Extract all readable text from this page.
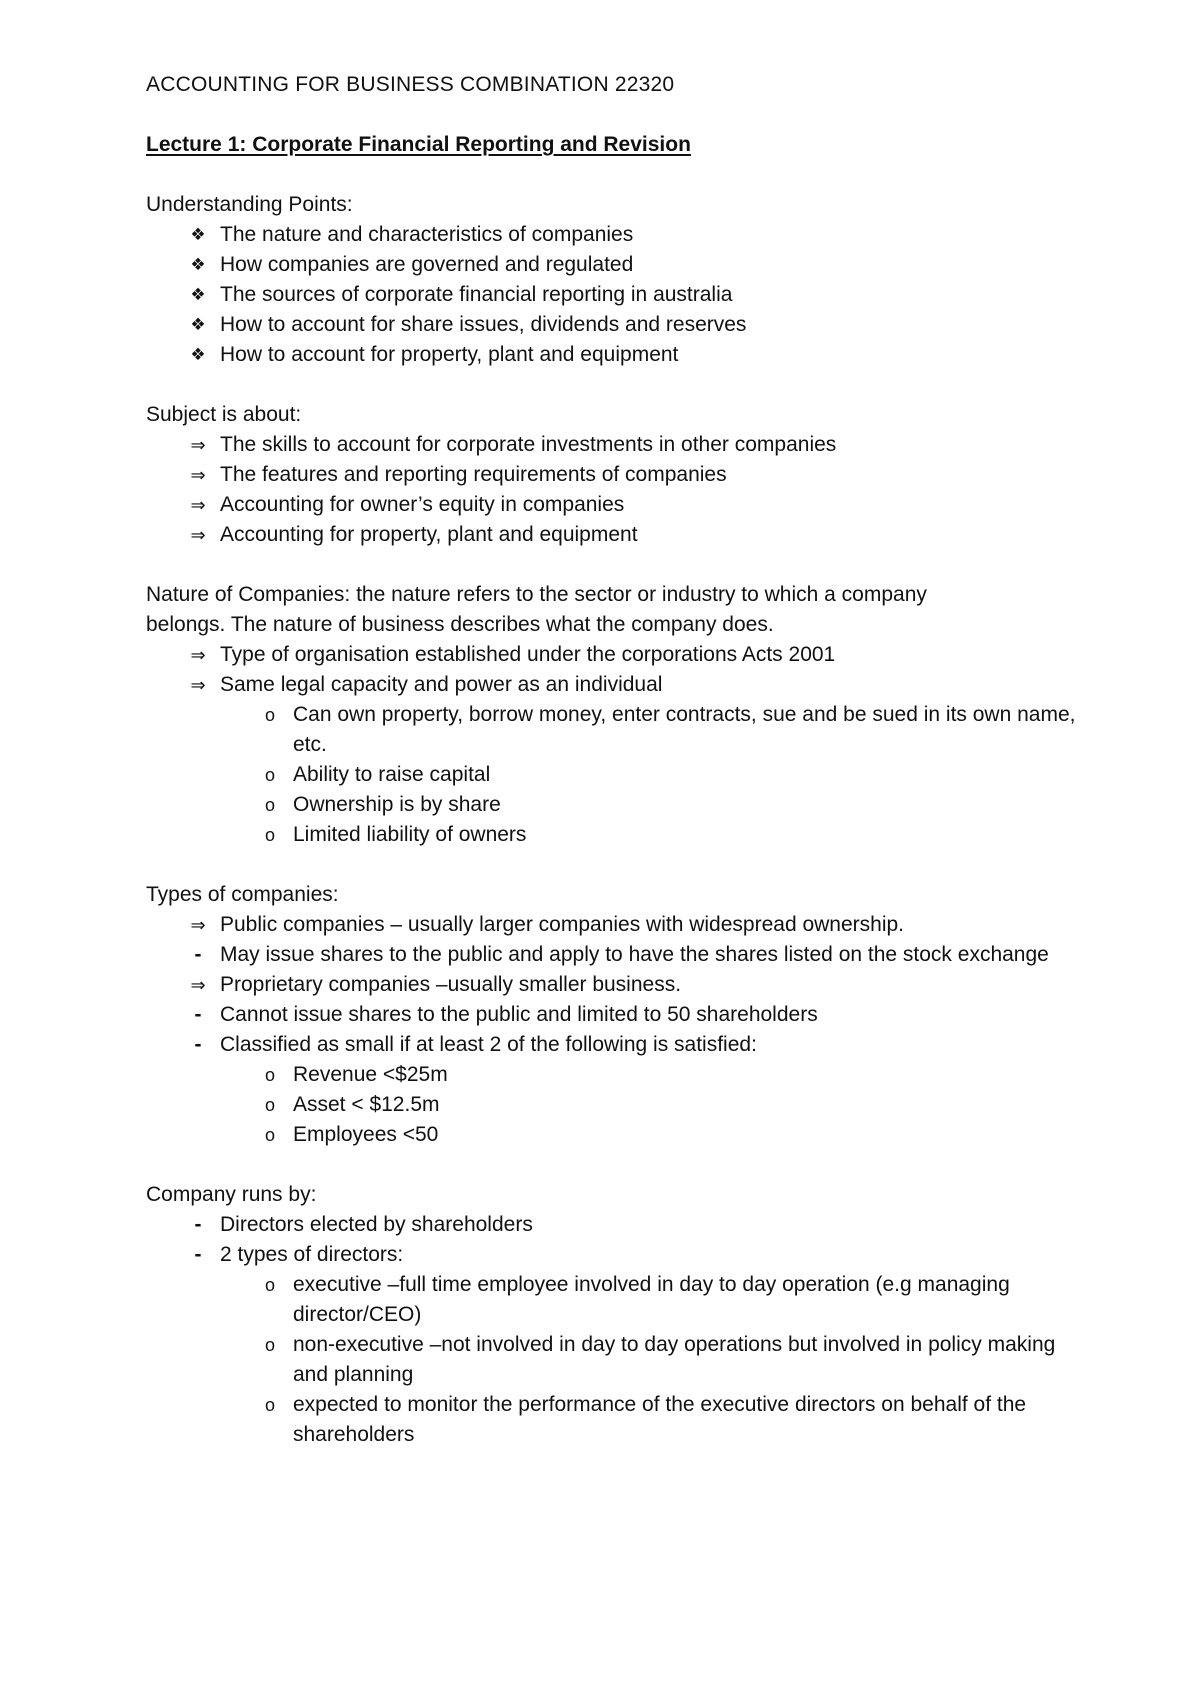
ACCOUNTING FOR BUSINESS COMBINATION 22320

Lecture 1: Corporate Financial Reporting and Revision

Understanding Points:

❖ The nature and characteristics of companies
❖ How companies are governed and regulated
❖ The sources of corporate financial reporting in australia
❖ How to account for share issues, dividends and reserves
❖ How to account for property, plant and equipment

Subject is about:

⇒ The skills to account for corporate investments in other companies
⇒ The features and reporting requirements of companies
⇒ Accounting for owner’s equity in companies
⇒ Accounting for property, plant and equipment

Nature of Companies: the nature refers to the sector or industry to which a company

belongs. The nature of business describes what the company does.

⇒ Type of organisation established under the corporations Acts 2001
⇒ Same legal capacity and power as an individual
o Can own property, borrow money, enter contracts, sue and be sued in its own name, etc.
o Ability to raise capital
o Ownership is by share
o Limited liability of owners

Types of companies:

⇒ Public companies – usually larger companies with widespread ownership.
- May issue shares to the public and apply to have the shares listed on the stock exchange
⇒ Proprietary companies –usually smaller business.
- Cannot issue shares to the public and limited to 50 shareholders
- Classified as small if at least 2 of the following is satisfied:
o Revenue <$25m
o Asset < $12.5m
o Employees <50

Company runs by:

- Directors elected by shareholders
- 2 types of directors:
o executive –full time employee involved in day to day operation (e.g managing director/CEO)
o non-executive –not involved in day to day operations but involved in policy making and planning
o expected to monitor the performance of the executive directors on behalf of the shareholders
